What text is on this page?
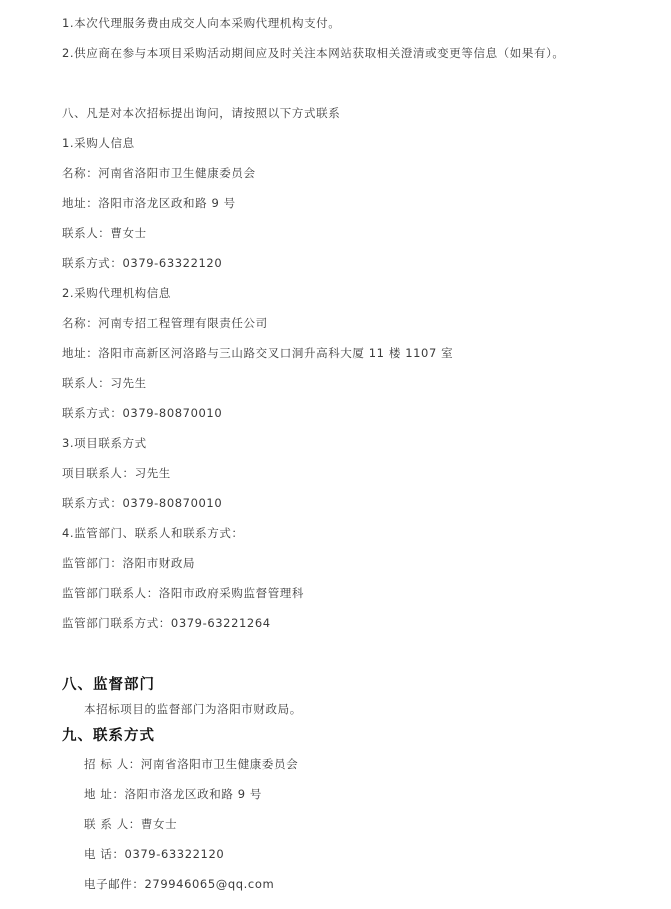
1.本次代理服务费由成交人向本采购代理机构支付。
2.供应商在参与本项目采购活动期间应及时关注本网站获取相关澄清或变更等信息（如果有）。
八、凡是对本次招标提出询问，请按照以下方式联系
1.采购人信息
名称：河南省洛阳市卫生健康委员会
地址：洛阳市洛龙区政和路 9 号
联系人：曹女士
联系方式：0379-63322120
2.采购代理机构信息
名称：河南专招工程管理有限责任公司
地址：洛阳市高新区河洛路与三山路交叉口洞升高科大厦 11 楼 1107 室
联系人：习先生
联系方式：0379-80870010
3.项目联系方式
项目联系人：习先生
联系方式：0379-80870010
4.监管部门、联系人和联系方式：
监管部门：洛阳市财政局
监管部门联系人：洛阳市政府采购监督管理科
监管部门联系方式：0379-63221264
八、监督部门
本招标项目的监督部门为洛阳市财政局。
九、联系方式
招 标 人：河南省洛阳市卫生健康委员会
地 址：洛阳市洛龙区政和路 9 号
联 系 人：曹女士
电 话：0379-63322120
电子邮件：279946065@qq.com
